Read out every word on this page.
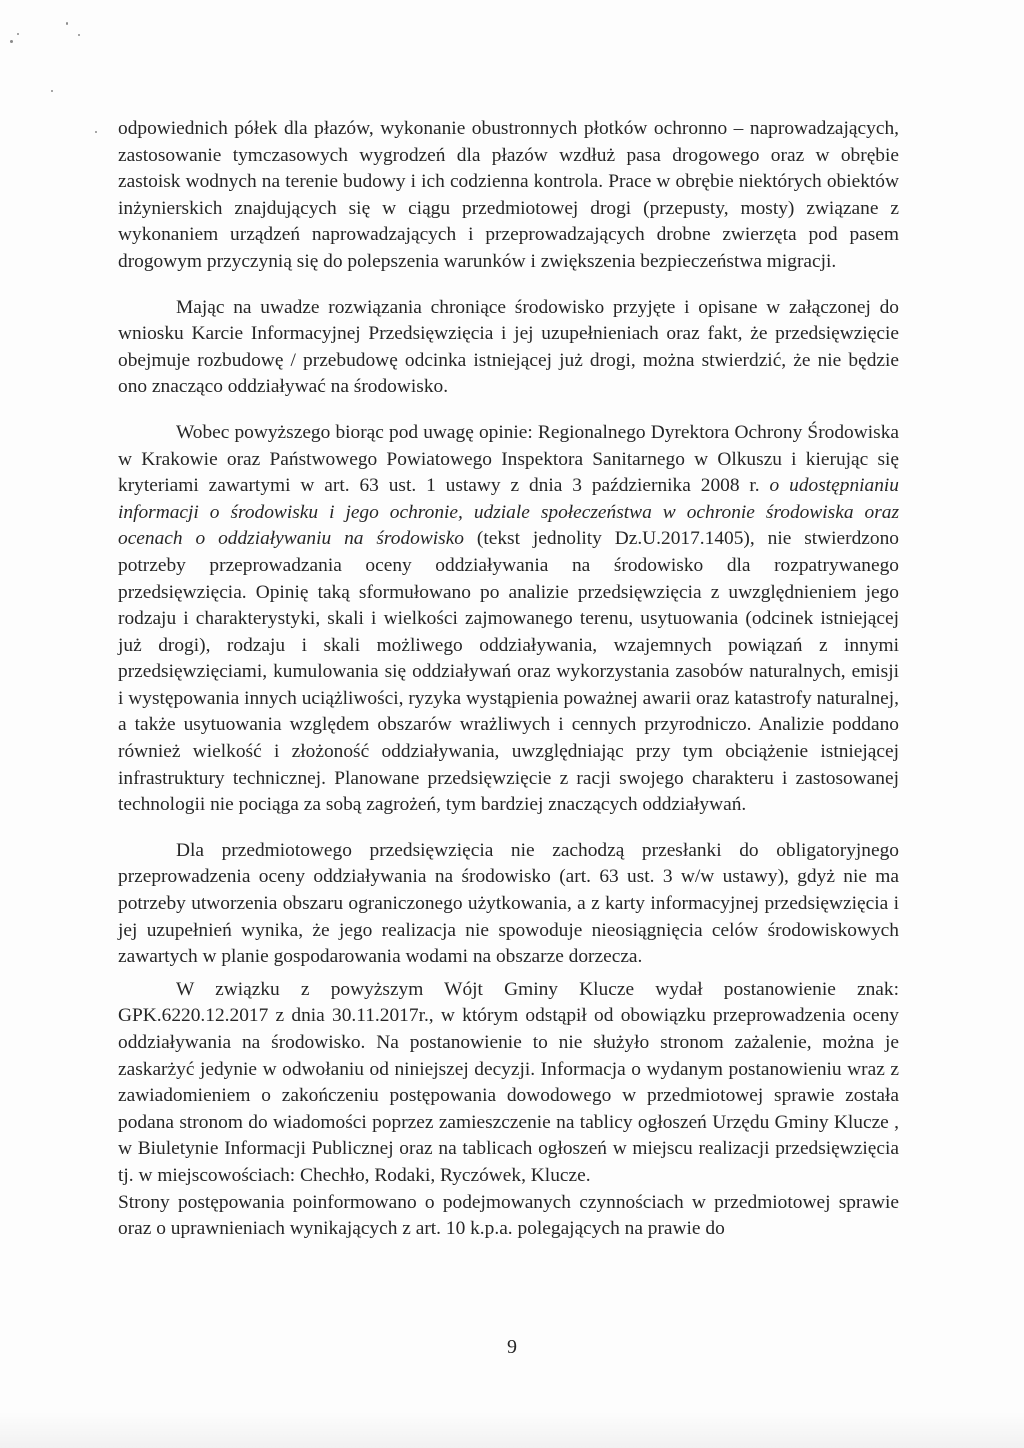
odpowiednich półek dla płazów, wykonanie obustronnych płotków ochronno – naprowadzających, zastosowanie tymczasowych wygrodzeń dla płazów wzdłuż pasa drogowego oraz w obrębie zastoisk wodnych na terenie budowy i ich codzienna kontrola. Prace w obrębie niektórych obiektów inżynierskich znajdujących się w ciągu przedmiotowej drogi (przepusty, mosty) związane z wykonaniem urządzeń naprowadzających i przeprowadzających drobne zwierzęta pod pasem drogowym przyczynią się do polepszenia warunków i zwiększenia bezpieczeństwa migracji.

Mając na uwadze rozwiązania chroniące środowisko przyjęte i opisane w załączonej do wniosku Karcie Informacyjnej Przedsięwzięcia i jej uzupełnieniach oraz fakt, że przedsięwzięcie obejmuje rozbudowę / przebudowę odcinka istniejącej już drogi, można stwierdzić, że nie będzie ono znacząco oddziaływać na środowisko.

Wobec powyższego biorąc pod uwagę opinie: Regionalnego Dyrektora Ochrony Środowiska w Krakowie oraz Państwowego Powiatowego Inspektora Sanitarnego w Olkuszu i kierując się kryteriami zawartymi w art. 63 ust. 1 ustawy z dnia 3 października 2008 r. o udostępnianiu informacji o środowisku i jego ochronie, udziale społeczeństwa w ochronie środowiska oraz ocenach o oddziaływaniu na środowisko (tekst jednolity Dz.U.2017.1405), nie stwierdzono potrzeby przeprowadzania oceny oddziaływania na środowisko dla rozpatrywanego przedsięwzięcia. Opinię taką sformułowano po analizie przedsięwzięcia z uwzględnieniem jego rodzaju i charakterystyki, skali i wielkości zajmowanego terenu, usytuowania (odcinek istniejącej już drogi), rodzaju i skali możliwego oddziaływania, wzajemnych powiązań z innymi przedsięwzięciami, kumulowania się oddziaływań oraz wykorzystania zasobów naturalnych, emisji i występowania innych uciążliwości, ryzyka wystąpienia poważnej awarii oraz katastrofy naturalnej, a także usytuowania względem obszarów wrażliwych i cennych przyrodniczo. Analizie poddano również wielkość i złożoność oddziaływania, uwzględniając przy tym obciążenie istniejącej infrastruktury technicznej. Planowane przedsięwzięcie z racji swojego charakteru i zastosowanej technologii nie pociąga za sobą zagrożeń, tym bardziej znaczących oddziaływań.

Dla przedmiotowego przedsięwzięcia nie zachodzą przesłanki do obligatoryjnego przeprowadzenia oceny oddziaływania na środowisko (art. 63 ust. 3 w/w ustawy), gdyż nie ma potrzeby utworzenia obszaru ograniczonego użytkowania, a z karty informacyjnej przedsięwzięcia i jej uzupełnień wynika, że jego realizacja nie spowoduje nieosiągnięcia celów środowiskowych zawartych w planie gospodarowania wodami na obszarze dorzecza.

W związku z powyższym Wójt Gminy Klucze wydał postanowienie znak: GPK.6220.12.2017 z dnia 30.11.2017r., w którym odstąpił od obowiązku przeprowadzenia oceny oddziaływania na środowisko. Na postanowienie to nie służyło stronom zażalenie, można je zaskarżyć jedynie w odwołaniu od niniejszej decyzji. Informacja o wydanym postanowieniu wraz z zawiadomieniem o zakończeniu postępowania dowodowego w przedmiotowej sprawie została podana stronom do wiadomości poprzez zamieszczenie na tablicy ogłoszeń Urzędu Gminy Klucze , w Biuletynie Informacji Publicznej oraz na tablicach ogłoszeń w miejscu realizacji przedsięwzięcia tj. w miejscowościach: Chechło, Rodaki, Ryczówek, Klucze.

Strony postępowania poinformowano o podejmowanych czynnościach w przedmiotowej sprawie oraz o uprawnieniach wynikających z art. 10 k.p.a. polegających na prawie do

9
